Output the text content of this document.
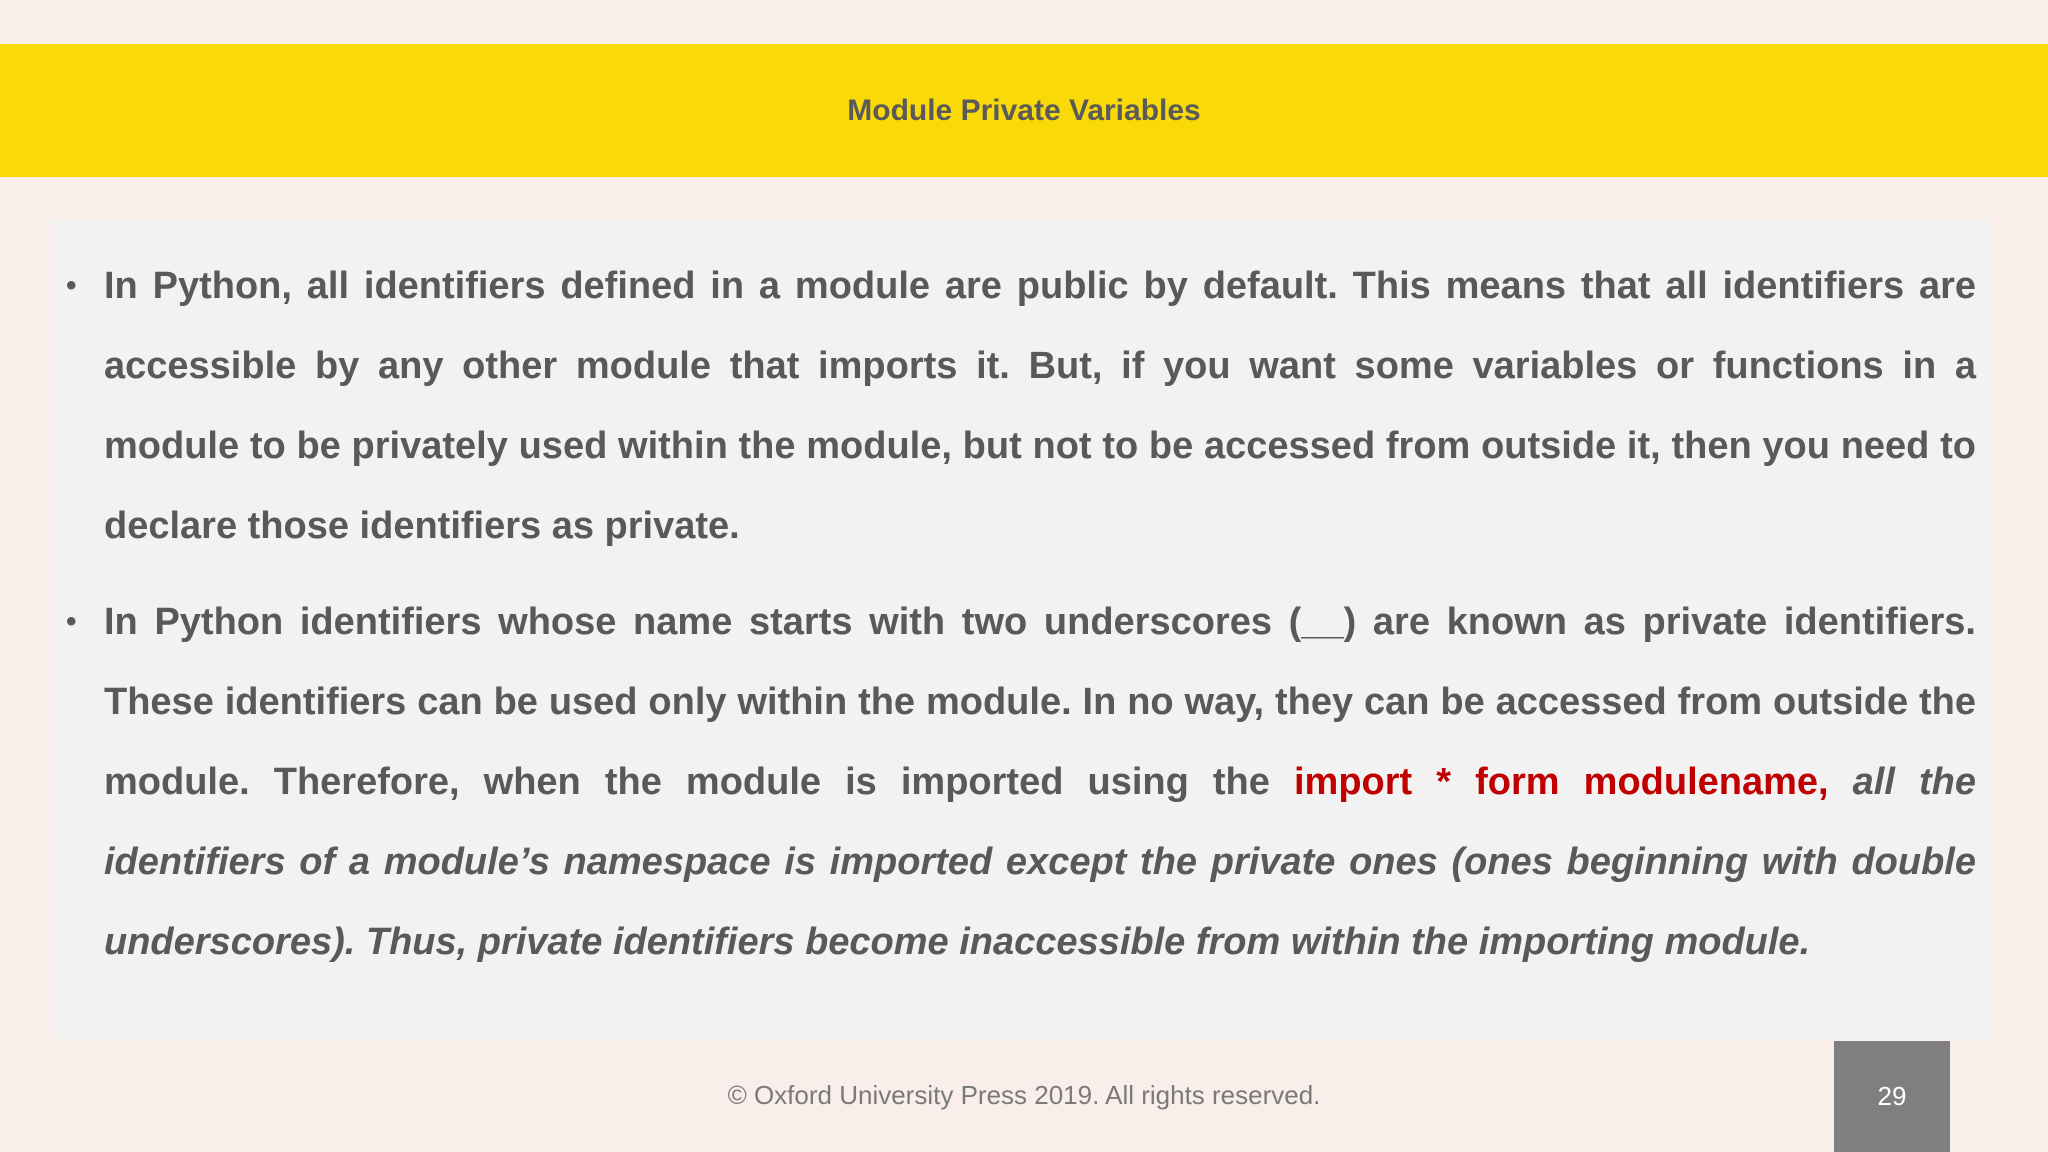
Module Private Variables
• In Python, all identifiers defined in a module are public by default. This means that all identifiers are accessible by any other module that imports it. But, if you want some variables or functions in a module to be privately used within the module, but not to be accessed from outside it, then you need to declare those identifiers as private.
• In Python identifiers whose name starts with two underscores (__) are known as private identifiers. These identifiers can be used only within the module. In no way, they can be accessed from outside the module. Therefore, when the module is imported using the import * form modulename, all the identifiers of a module’s namespace is imported except the private ones (ones beginning with double underscores). Thus, private identifiers become inaccessible from within the importing module.
© Oxford University Press 2019. All rights reserved.	29
